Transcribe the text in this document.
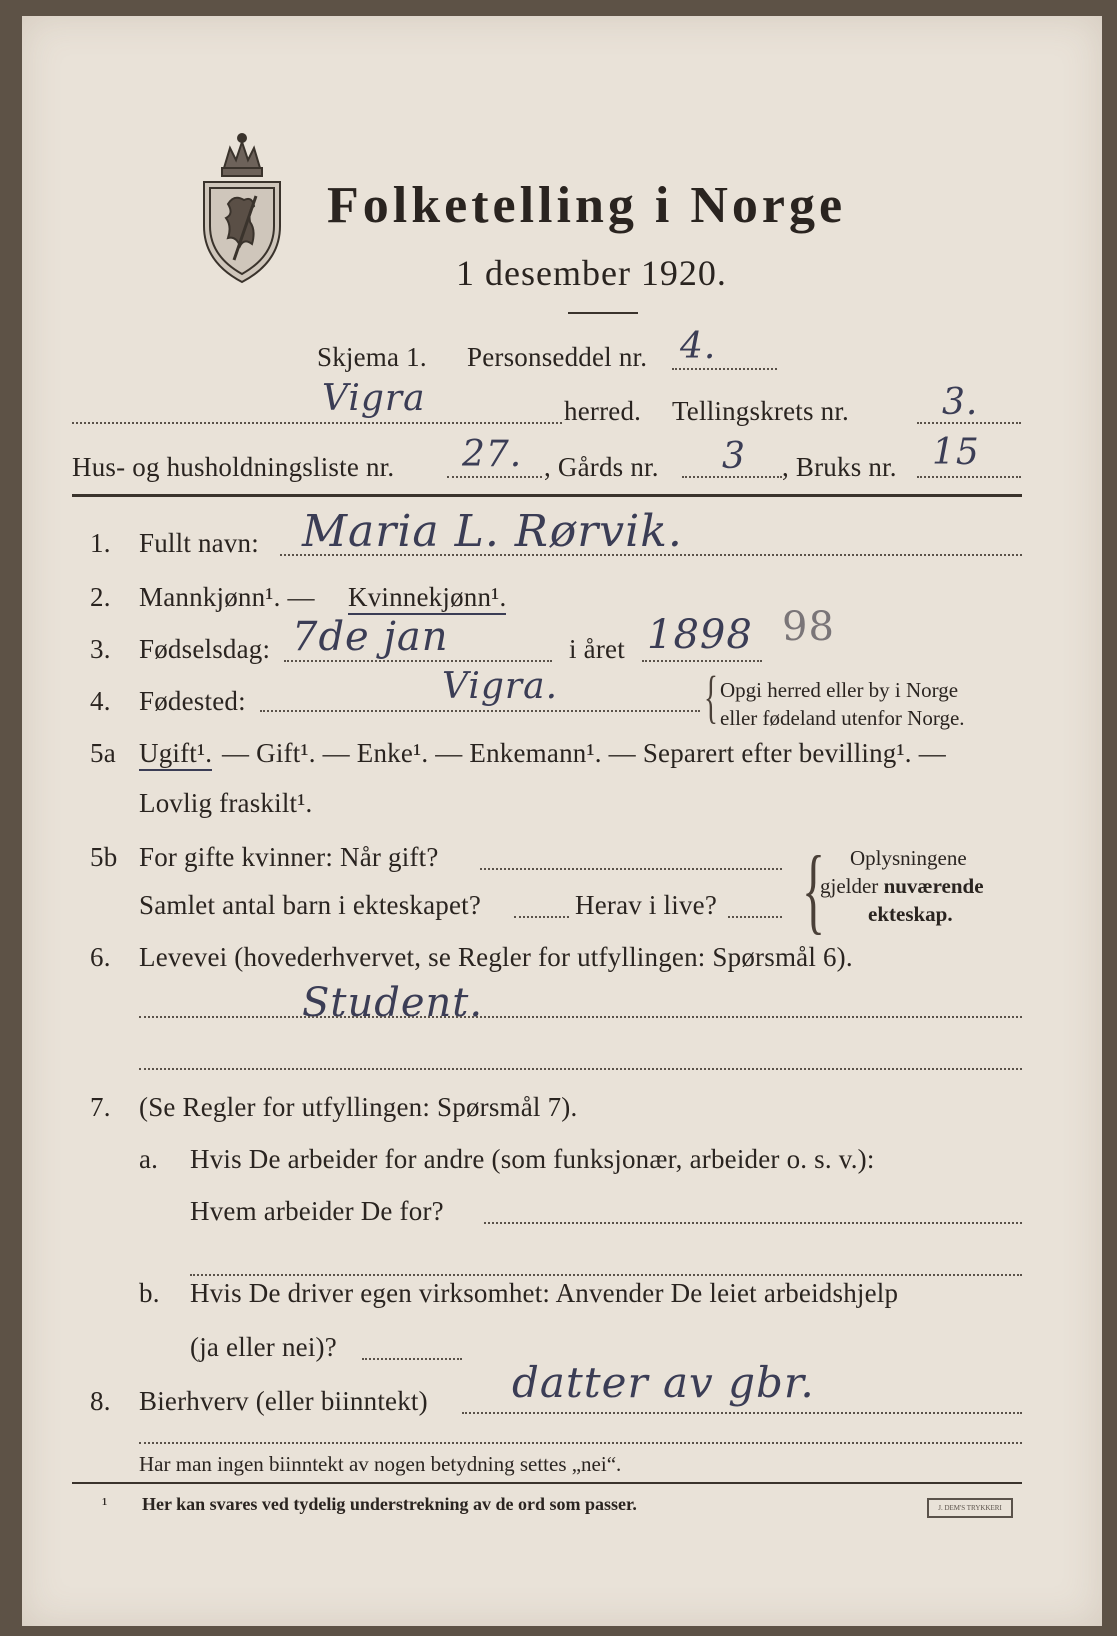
Folketelling i Norge
1 desember 1920.
Skjema 1. Personseddel nr. 4.
Vigra	herred. Tellingskrets nr.	3.
Hus- og husholdningsliste nr. 27. , Gårds nr. 3 , Bruks nr. 15
1. Fullt navn: Maria L. Rørvik.
2. Mannkjønn¹. — Kvinnekjønn¹.
3. Fødselsdag: 7de jan	i året 1898 98
4. Fødested:	Vigra.	{ Opgi herred eller by i Norge
eller fødeland utenfor Norge.
5a Ugift¹. — Gift¹. — Enke¹. — Enkemann¹. — Separert efter bevilling¹. —
Lovlig fraskilt¹.
5b For gifte kvinner: Når gift?
Samlet antal barn i ekteskapet?	Herav i live? { Oplysningene
gjelder nuværende
ekteskap.
6. Levevei (hovederhvervet, se Regler for utfyllingen: Spørsmål 6).
Student.
7. (Se Regler for utfyllingen: Spørsmål 7).
a. Hvis De arbeider for andre (som funksjonær, arbeider o. s. v.):
Hvem arbeider De for?
b. Hvis De driver egen virksomhet: Anvender De leiet arbeidshjelp
(ja eller nei)?
8. Bierhverv (eller biinntekt) datter av gbr.
Har man ingen biinntekt av nogen betydning settes „nei“.
¹ Her kan svares ved tydelig understrekning av de ord som passer.	J. DEM'S TRYKKERI
